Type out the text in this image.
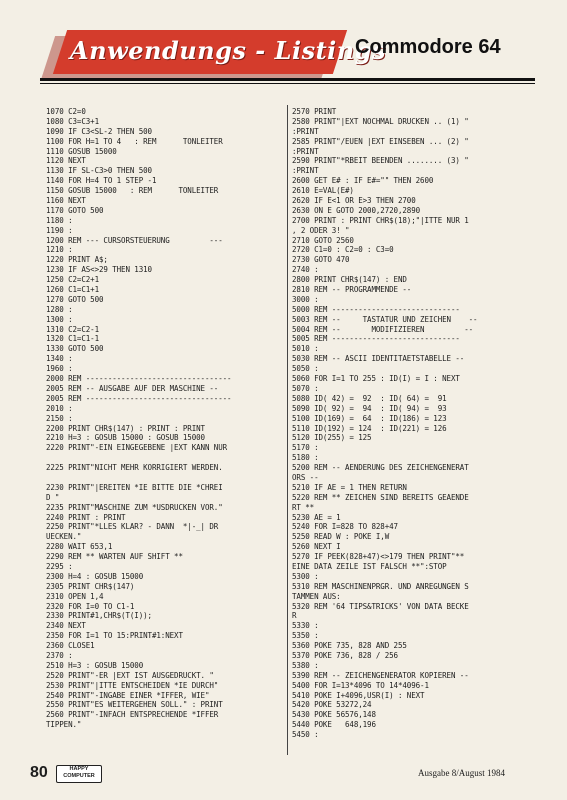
Anwendungs - Listings
Commodore 64
1070 C2=0
1080 C3=C3+1
1090 IF C3<SL-2 THEN 500
1100 FOR H=1 TO 4   : REM      TONLEITER
1110 GOSUB 15000
1120 NEXT
1130 IF SL-C3>0 THEN 500
1140 FOR H=4 TO 1 STEP -1
1150 GOSUB 15000   : REM      TONLEITER
1160 NEXT
1170 GOTO 500
1180 :
1190 :
1200 REM --- CURSORSTEUERUNG         ---
1210 :
1220 PRINT A$;
1230 IF AS<>29 THEN 1310
1250 C2=C2+1
1260 C1=C1+1
1270 GOTO 500
1280 :
1300 :
1310 C2=C2-1
1320 C1=C1-1
1330 GOTO 500
1340 :
1960 :
2000 REM ---------------------------------
2005 REM -- AUSGABE AUF DER MASCHINE --
2005 REM ---------------------------------
2010 :
2150 :
2200 PRINT CHR$(147) : PRINT : PRINT
2210 H=3 : GOSUB 15000 : GOSUB 15000
2220 PRINT"-EIN EINGEGEBENE |EXT KANN NUR
2225 PRINT"NICHT MEHR KORRIGIERT WERDEN.
2230 PRINT"|EREITEN *IE BITTE DIE *CHREI
D "
2235 PRINT"MASCHINE ZUM *USDRUCKEN VOR."
2240 PRINT : PRINT
2250 PRINT"*LLES KLAR? - DANN  *|-_| DR
UECKEN."
2280 WAIT 653,1
2290 REM ** WARTEN AUF SHIFT **
2295 :
2300 H=4 : GOSUB 15000
2305 PRINT CHR$(147)
2310 OPEN 1,4
2320 FOR I=0 TO C1-1
2330 PRINT#1,CHR$(T(I));
2340 NEXT
2350 FOR I=1 TO 15:PRINT#1:NEXT
2360 CLOSE1
2370 :
2510 H=3 : GOSUB 15000
2520 PRINT"-ER |EXT IST AUSGEDRUCKT. "
2530 PRINT"|ITTE ENTSCHEIDEN *IE DURCH"
2540 PRINT"-INGABE EINER *IFFER, WIE"
2550 PRINT"ES WEITERGEHEN SOLL." : PRINT
2560 PRINT"-INFACH ENTSPRECHENDE *IFFER
TIPPEN."
2570 PRINT
2580 PRINT"|EXT NOCHMAL DRUCKEN .. (1) "
:PRINT
2585 PRINT"/EUEN |EXT EINSEBEN ... (2) "
:PRINT
2590 PRINT"*RBEIT BEENDEN ........ (3) "
:PRINT
2600 GET E# : IF E#="" THEN 2600
2610 E=VAL(E#)
2620 IF E<1 OR E>3 THEN 2700
2630 ON E GOTO 2000,2720,2890
2700 PRINT : PRINT CHR$(18);"|ITTE NUR 1
, 2 ODER 3! "
2710 GOTO 2560
2720 C1=0 : C2=0 : C3=0
2730 GOTO 470
2740 :
2800 PRINT CHR$(147) : END
2810 REM -- PROGRAMMENDE --
3000 :
5000 REM -----------------------------
5003 REM --     TASTATUR UND ZEICHEN    --
5004 REM --       MODIFIZIEREN         --
5005 REM -----------------------------
5010 :
5030 REM -- ASCII IDENTITAETSTABELLE --
5050 :
5060 FOR I=1 TO 255 : ID(I) = I : NEXT
5070 :
5080 ID( 42) =  92  : ID( 64) =  91
5090 ID( 92) =  94  : ID( 94) =  93
5100 ID(169) =  64  : ID(186) = 123
5110 ID(192) = 124  : ID(221) = 126
5120 ID(255) = 125
5170 :
5180 :
5200 REM -- AENDERUNG DES ZEICHENGENERAT
ORS --
5210 IF AE = 1 THEN RETURN
5220 REM ** ZEICHEN SIND BEREITS GEAENDE
RT **
5230 AE = 1
5240 FOR I=828 TO 828+47
5250 READ W : POKE I,W
5260 NEXT I
5270 IF PEEK(828+47)<>179 THEN PRINT"**
EINE DATA ZEILE IST FALSCH **":STOP
5300 :
5310 REM MASCHINENPRGR. UND ANREGUNGEN S
TAMMEN AUS:
5320 REM '64 TIPS&TRICKS' VON DATA BECKE
R
5330 :
5350 :
5360 POKE 735, 828 AND 255
5370 POKE 736, 828 / 256
5380 :
5390 REM -- ZEICHENGENERATOR KOPIEREN --
5400 FOR I=13*4096 TO 14*4096-1
5410 POKE I+4096,USR(I) : NEXT
5420 POKE 53272,24
5430 POKE 56576,148
5440 POKE   648,196
5450 :
80	HAPPY COMPUTER	Ausgabe 8/August 1984
